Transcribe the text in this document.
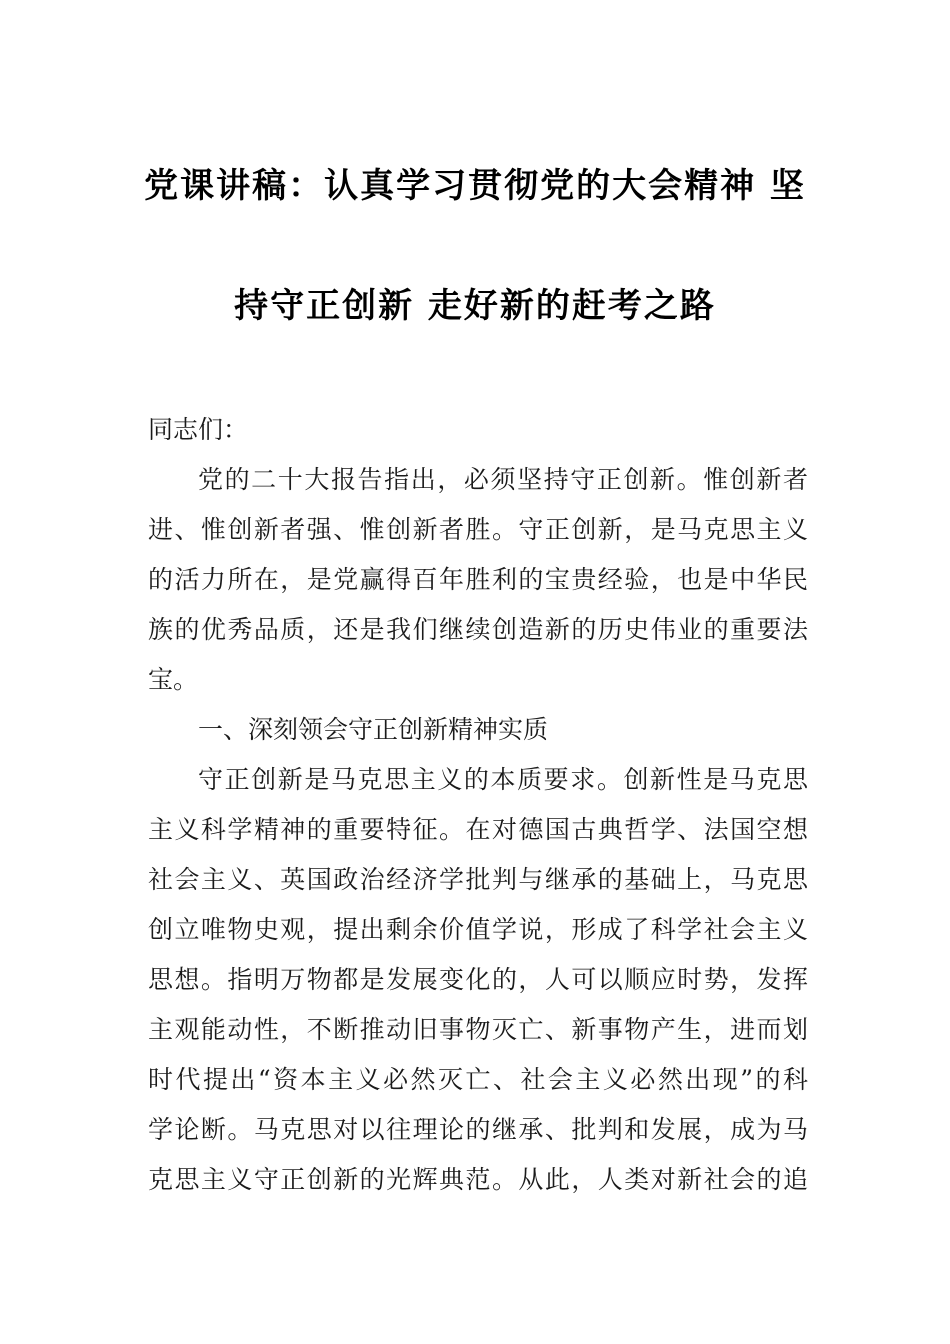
党课讲稿：认真学习贯彻党的大会精神 坚
持守正创新 走好新的赶考之路
同志们：
党的二十大报告指出，必须坚持守正创新。惟创新者
进、惟创新者强、惟创新者胜。守正创新，是马克思主义
的活力所在，是党赢得百年胜利的宝贵经验，也是中华民
族的优秀品质，还是我们继续创造新的历史伟业的重要法
宝。
一、深刻领会守正创新精神实质
守正创新是马克思主义的本质要求。创新性是马克思
主义科学精神的重要特征。在对德国古典哲学、法国空想
社会主义、英国政治经济学批判与继承的基础上，马克思
创立唯物史观，提出剩余价值学说，形成了科学社会主义
思想。指明万物都是发展变化的，人可以顺应时势，发挥
主观能动性，不断推动旧事物灭亡、新事物产生，进而划
时代提出“资本主义必然灭亡、社会主义必然出现”的科
学论断。马克思对以往理论的继承、批判和发展，成为马
克思主义守正创新的光辉典范。从此，人类对新社会的追
